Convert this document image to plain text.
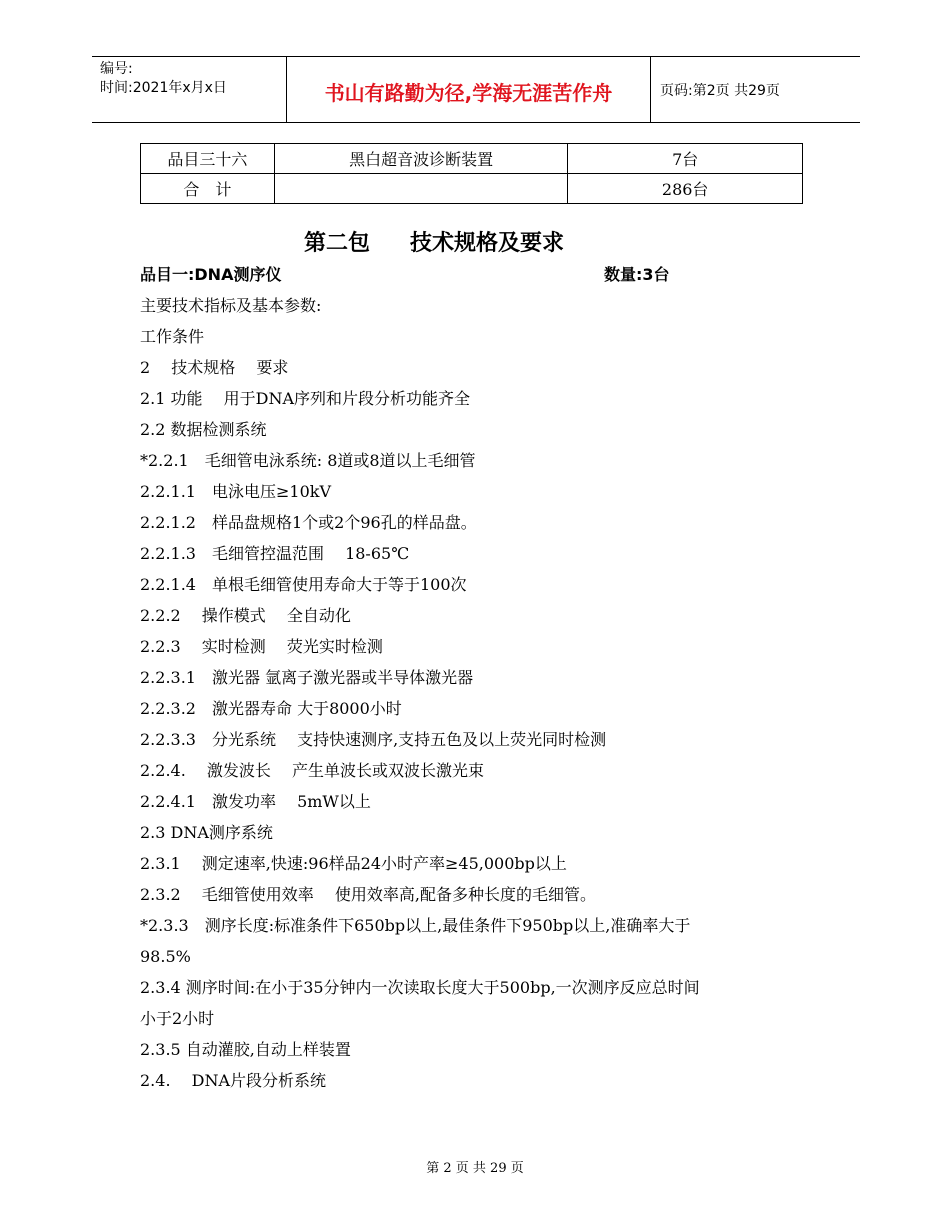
编号:
时间:2021年x月x日	书山有路勤为径,学海无涯苦作舟	页码:第2页 共29页
品目三十六	黑白超音波诊断装置	7台
合　计		286台
第二包 技术规格及要求
品目一:DNA测序仪	数量:3台
主要技术指标及基本参数:
工作条件
2　 技术规格　 要求
2.1 功能　 用于DNA序列和片段分析功能齐全
2.2 数据检测系统
*2.2.1　毛细管电泳系统: 8道或8道以上毛细管
2.2.1.1　电泳电压≥10kV
2.2.1.2　样品盘规格1个或2个96孔的样品盘。
2.2.1.3　毛细管控温范围　 18-65℃
2.2.1.4　单根毛细管使用寿命大于等于100次
2.2.2　 操作模式　 全自动化
2.2.3　 实时检测　 荧光实时检测
2.2.3.1　激光器 氩离子激光器或半导体激光器
2.2.3.2　激光器寿命 大于8000小时
2.2.3.3　分光系统　 支持快速测序,支持五色及以上荧光同时检测
2.2.4.　 激发波长　 产生单波长或双波长激光束
2.2.4.1　激发功率　 5mW以上
2.3 DNA测序系统
2.3.1　 测定速率,快速:96样品24小时产率≥45,000bp以上
2.3.2　 毛细管使用效率　 使用效率高,配备多种长度的毛细管。
*2.3.3　测序长度:标准条件下650bp以上,最佳条件下950bp以上,准确率大于
98.5%
2.3.4 测序时间:在小于35分钟内一次读取长度大于500bp,一次测序反应总时间
小于2小时
2.3.5 自动灌胶,自动上样装置
2.4.　 DNA片段分析系统
第 2 页 共 29 页
